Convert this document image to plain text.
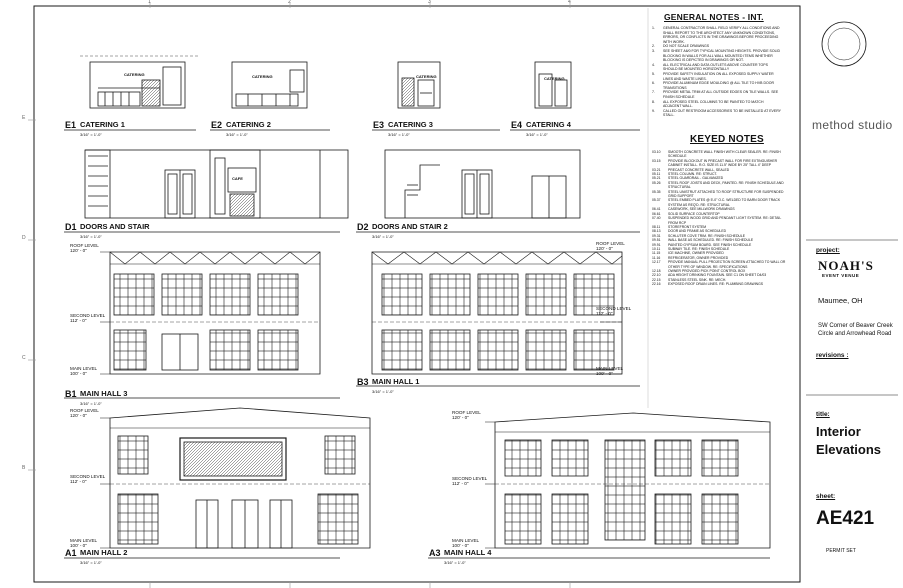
1	2	3	4
E
D
C
B
CATERING	CATERING	CATERING	CATERING
CAFE
E1 CATERING 1
3/16" = 1'-0"
E2 CATERING 2
3/16" = 1'-0"
E3 CATERING 3
3/16" = 1'-0"
E4 CATERING 4
3/16" = 1'-0"
D1 DOORS AND STAIR
3/16" = 1'-0"
D2 DOORS AND STAIR 2
3/16" = 1'-0"
B1 MAIN HALL 3
3/16" = 1'-0"
B3 MAIN HALL 1
3/16" = 1'-0"
A1 MAIN HALL 2
3/16" = 1'-0"
A3 MAIN HALL 4
3/16" = 1'-0"
ROOF LEVEL
120' - 0"
SECOND LEVEL
112' - 0"
MAIN LEVEL
100' - 0"
ROOF LEVEL
120' - 0"
SECOND LEVEL
112' - 0"
MAIN LEVEL
100' - 0"
ROOF LEVEL
120' - 0"
SECOND LEVEL
112' - 0"
MAIN LEVEL
100' - 0"
ROOF LEVEL
120' - 0"
SECOND LEVEL
112' - 0"
MAIN LEVEL
100' - 0"
GENERAL NOTES - INT.
1.	GENERAL CONTRACTOR SHALL FIELD VERIFY ALL CONDITIONS AND SHALL REPORT TO THE ARCHITECT ANY UNKNOWN CONDITIONS, ERRORS, OR CONFLICTS IN THE DRAWINGS BEFORE PROCEEDING WITH WORK.
2.	DO NOT SCALE DRAWINGS
3.	SEE SHEET A6/0 FOR TYPICAL MOUNTING HEIGHTS. PROVIDE SOLID BLOCKING IN WALLS FOR ALL WALL MOUNTED ITEMS WHETHER BLOCKING IS DEPICTED IN DRAWINGS OR NOT.
4.	ALL ELECTRICAL AND DATA OUTLETS ABOVE COUNTER TOPS SHOULD BE MOUNTED HORIZONTALLY
5.	PROVIDE SAFETY INSULATION ON ALL EXPOSED SUPPLY WATER LINES AND WASTE LINES.
6.	PROVIDE ALUMINUM EDGE MOULDING @ ALL TILE TO HVB DOOR TRANSITIONS
7.	PROVIDE METAL TRIM AT ALL OUTSIDE EDGES ON TILE WALLS. SEE FINISH SCHEDULE
8.	ALL EXPOSED STEEL COLUMNS TO BE PAINTED TO MATCH ADJACENT WALL.
9.	CALLED OUT RESTROOM ACCESSORIES TO BE INSTALLED AT EVERY STALL.
KEYED NOTES
03.10	SMOOTH CONCRETE WALL FINISH WITH CLEAR SEALER. RE: FINISH SCHEDULE
03.15	PROVIDE BLOCKOUT IN PRECAST WALL FOR FIRE EXTINGUISHER CABINET INSTALL. R.O. SIZE IS 11.5" WIDE BY 25" TALL 4" DEEP
03.21	PRECAST CONCRETE WALL, SEALED
05.11	STEEL COLUMN. RE: STRUCT.
05.21	STEEL GUARDRAIL - GALVANIZED
05.26	STEEL ROOF JOISTS AND DECK, PAINTED. RE: FINISH SCHEDULE AND STRUCTURAL
05.35	STEEL UNISTRUT ATTACHED TO ROOF STRUCTURE FOR SUSPENDED GRID SUPPORT
05.37	STEEL EMBED PLATES @ 5'-0" O.C. WELDED TO BARN DOOR TRACK SYSTEM AS REQ'D. RE: STRUCTURAL
06.41	CASEWORK, SEE MILLWORK DRAWINGS
06.61	SOLID SURFACE COUNTERTOP
07.40	SUSPENDED WOOD GRID AND PENDANT LIGHT SYSTEM. RE: DETAIL FROM RCP
08.11	STOREFRONT SYSTEM
08.13	DOOR AND FRAME AS SCHEDULED
09.31	SCHLUTER COVE TRIM. RE: FINISH SCHEDULE
09.51	WALL BASE AS SCHEDULED. RE: FINISH SCHEDULE
09.91	PAINTED GYPSUM BOARD. SEE FINISH SCHEDULE
10.11	SUBWAY TILE. RE: FINISH SCHEDULE
11.15	ICE MACHINE, OWNER PROVIDED
11.16	REFRIGERATOR, OWNER PROVIDED
12.17	PROVIDE MANUAL PULL PROJECTION SCREEN ATTACHED TO WALL OR OTHER TYPE OF WINDOW. RE: SPECIFICATIONS
12.18	OWNER PROVIDED PICK POINT CONTROL BOX
22.10	ADA HEIGHT DRINKING FOUNTAIN. SEE C1 ON SHEET D4/03
22.15	STAINLESS STEEL SINK. RE: MECH.
22.16	EXPOSED ROOF DRAIN LINES. RE: PLUMBING DRAWINGS
method studio
project:
NOAH'S
EVENT VENUE
Maumee, OH
SW Corner of Beaver Creek Circle and Arrowhead Road
revisions :
title:
Interior
Elevations
sheet:
AE421
PERMIT SET
